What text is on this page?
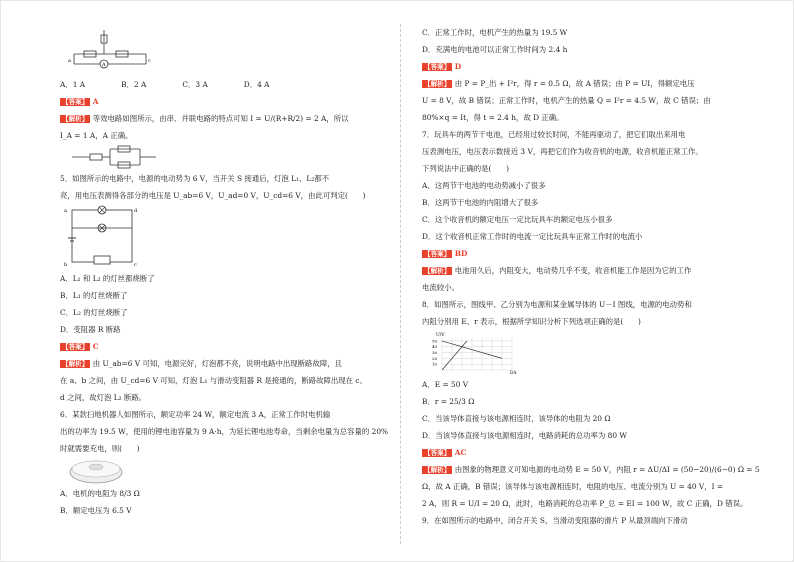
A
a	c
A．1 A	B．2 A	C．3 A	D．4 A
【答案】 A
【解析】 等效电路如图所示，由串、并联电路的特点可知 I = U/(R+R/2) = 2 A，所以
I_A = 1 A，A 正确。
5．如图所示的电路中，电源的电动势为 6 V，当开关 S 接通后，灯泡 L₁、L₂都不
亮，用电压表测得各部分的电压是 U_ab=6 V，U_ad=0 V，U_cd=6 V，由此可判定(　　)
a	d
c
b
A．L₁ 和 L₂ 的灯丝都烧断了
B．L₁ 的灯丝烧断了
C．L₂ 的灯丝烧断了
D．变阻器 R 断路
【答案】 C
【解析】 由 U_ab=6 V 可知，电源完好，灯泡都不亮，说明电路中出现断路故障，且
在 a、b 之间，由 U_cd=6 V 可知，灯泡 L₁ 与滑动变阻器 R 是接通的，断路故障出现在 c、
d 之间，故灯泡 L₂ 断路。
6．某款扫地机器人如图所示，额定功率 24 W，额定电流 3 A，正常工作时电机输
出的功率为 19.5 W，使用的锂电池容量为 9 A·h，为延长锂电池寿命，当剩余电量为总容量的 20%
时就需要充电，则(　　)
A．电机的电阻为 8/3 Ω
B．额定电压为 6.5 V
C．正常工作时，电机产生的热量为 19.5 W
D．充满电的电池可以正常工作时间为 2.4 h
【答案】 D
【解析】 由 P = P_出 + I²r，得 r = 0.5 Ω，故 A 错误；由 P = UI，得额定电压
U = 8 V，故 B 错误；正常工作时，电机产生的热量 Q = I²r = 4.5 W，故 C 错误；由
80%×q = It，得 t = 2.4 h，故 D 正确。
7．玩具车的两节干电池，已经用过较长时间，不能再驱动了，把它们取出来用电
压表测电压，电压表示数接近 3 V，再把它们作为收音机的电源，收音机能正常工作。
下列说法中正确的是(　　)
A．这两节干电池的电动势减小了很多
B．这两节干电池的内阻增大了很多
C．这个收音机的额定电压一定比玩具车的额定电压小很多
D．这个收音机正常工作时的电流一定比玩具车正常工作时的电流小
【答案】 BD
【解析】 电池用久后，内阻变大，电动势几乎不变，收音机能工作是因为它的工作
电流较小。
8．如图所示，图线甲、乙分别为电源和某金属导体的 U－I 图线，电源的电动势和
内阻分别用 E、r 表示，根据所学知识分析下列选项正确的是(　　)
U/V
I/A
50
40
30
20
10
A．E = 50 V
B．r = 25/3 Ω
C．当该导体直接与该电源相连时，该导体的电阻为 20 Ω
D．当该导体直接与该电源相连时，电路消耗的总功率为 80 W
【答案】 AC
【解析】 由图象的物理意义可知电源的电动势 E = 50 V，内阻 r = ΔU/ΔI = (50−20)/(6−0) Ω = 5
Ω，故 A 正确，B 错误；该导体与该电源相连时，电阻的电压、电流分别为 U = 40 V，I =
2 A，则 R = U/I = 20 Ω，此时，电路消耗的总功率 P_总 = EI = 100 W，故 C 正确，D 错误。
9．在如图所示的电路中，闭合开关 S，当滑动变阻器的滑片 P 从最顶端向下滑动
